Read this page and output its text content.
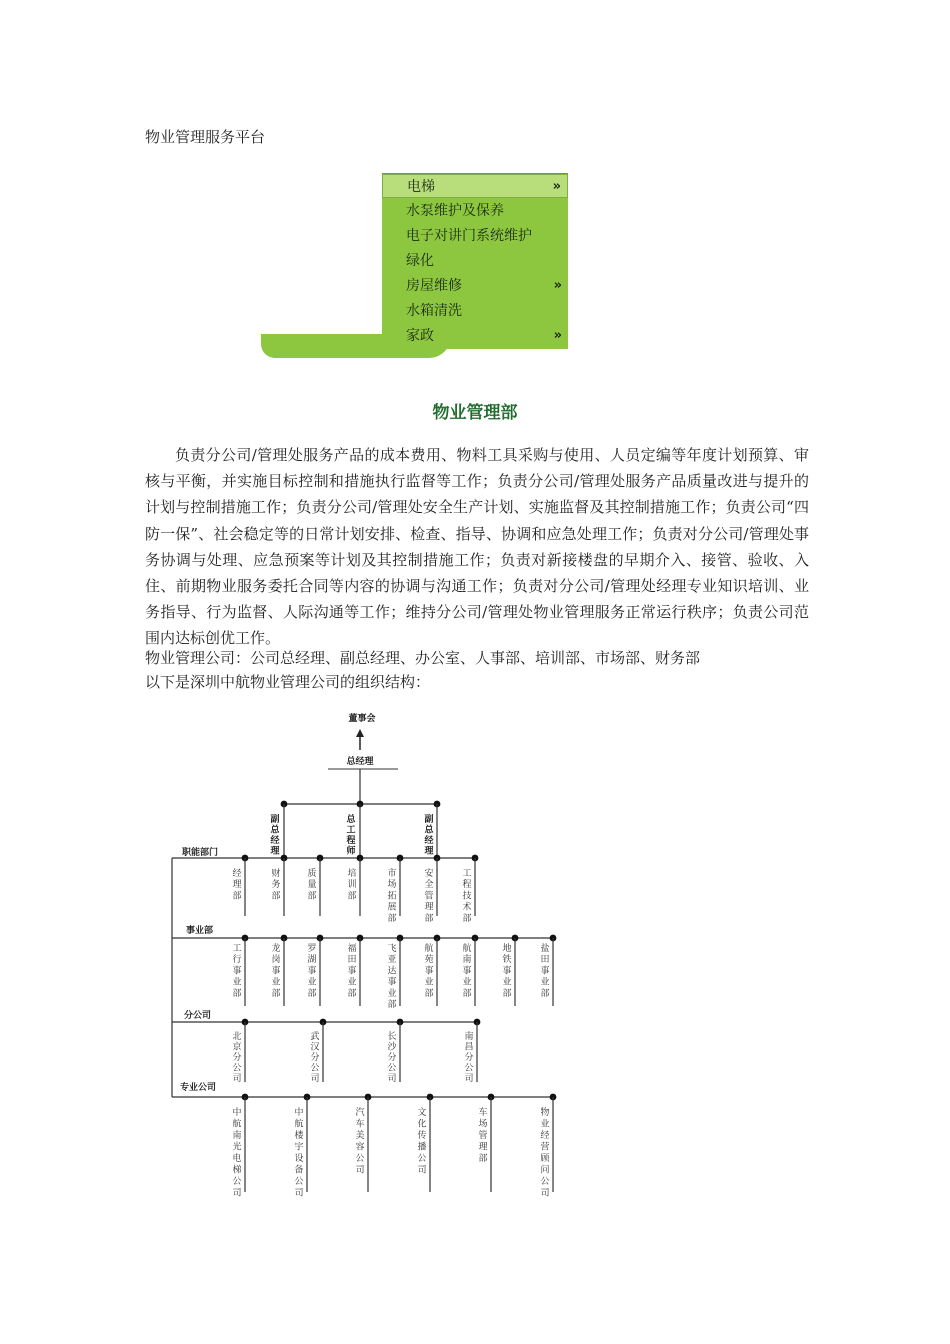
物业管理服务平台
电梯	»
水泵维护及保养
电子对讲门系统维护
绿化
房屋维修	»
水箱清洗
家政	»
物业管理部

负责分公司/管理处服务产品的成本费用、物料工具采购与使用、人员定编等年度计划预算、审核与平衡，并实施目标控制和措施执行监督等工作；负责分公司/管理处服务产品质量改进与提升的计划与控制措施工作；负责分公司/管理处安全生产计划、实施监督及其控制措施工作；负责公司“四防一保”、社会稳定等的日常计划安排、检查、指导、协调和应急处理工作；负责对分公司/管理处事务协调与处理、应急预案等计划及其控制措施工作；负责对新接楼盘的早期介入、接管、验收、入住、前期物业服务委托合同等内容的协调与沟通工作；负责对分公司/管理处经理专业知识培训、业务指导、行为监督、人际沟通等工作；维持分公司/管理处物业管理服务正常运行秩序；负责公司范围内达标创优工作。

物业管理公司：公司总经理、副总经理、办公室、人事部、培训部、市场部、财务部

以下是深圳中航物业管理公司的组织结构：

董事会
总经理
副总经理
总工程师
副总经理
职能部门
经理部
财务部
质量部
培训部
市场拓展部
安全管理部
工程技术部
事业部
工行事业部
龙岗事业部
罗湖事业部
福田事业部
飞亚达事业部
航苑事业部
航南事业部
地铁事业部
盐田事业部
分公司
北京分公司
武汉分公司
长沙分公司
南昌分公司
专业公司
中航南光电梯公司
中航楼宇设备公司
汽车美容公司
文化传播公司
车场管理部
物业经营顾问公司
